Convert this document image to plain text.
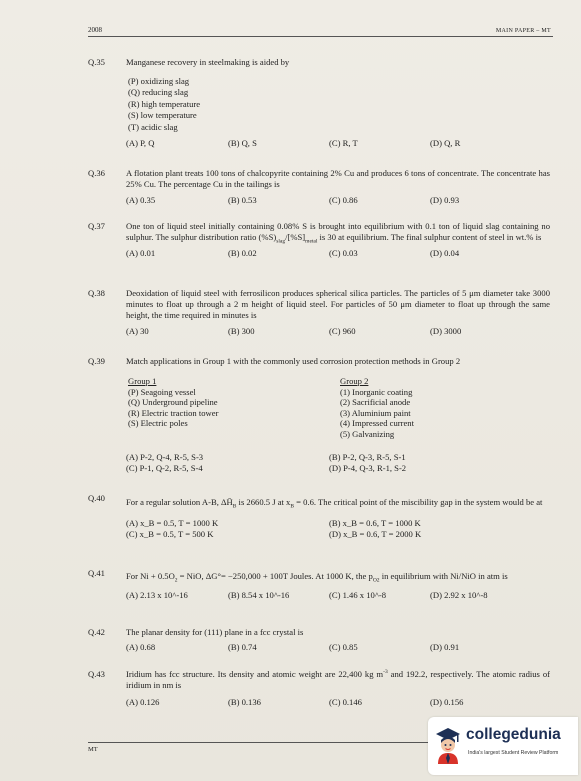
2008	MAIN PAPER – MT
Q.35 Manganese recovery in steelmaking is aided by
(P) oxidizing slag
(Q) reducing slag
(R) high temperature
(S) low temperature
(T) acidic slag
(A) P, Q	(B) Q, S	(C) R, T	(D) Q, R
Q.36 A flotation plant treats 100 tons of chalcopyrite containing 2% Cu and produces 6 tons of concentrate. The concentrate has 25% Cu. The percentage Cu in the tailings is
(A) 0.35	(B) 0.53	(C) 0.86	(D) 0.93
Q.37 One ton of liquid steel initially containing 0.08% S is brought into equilibrium with 0.1 ton of liquid slag containing no sulphur. The sulphur distribution ratio $(\%S)_{slag}/[\%S]_{metal}$ is 30 at equilibrium. The final sulphur content of steel in wt.% is
(A) 0.01	(B) 0.02	(C) 0.03	(D) 0.04
Q.38 Deoxidation of liquid steel with ferrosilicon produces spherical silica particles. The particles of 5 μm diameter take 3000 minutes to float up through a 2 m height of liquid steel. For particles of 50 μm diameter to float up through the same height, the time required in minutes is
(A) 30	(B) 300	(C) 960	(D) 3000
Q.39 Match applications in Group 1 with the commonly used corrosion protection methods in Group 2
Group 1
(P) Seagoing vessel
(Q) Underground pipeline
(R) Electric traction tower
(S) Electric poles
Group 2
(1) Inorganic coating
(2) Sacrificial anode
(3) Aluminium paint
(4) Impressed current
(5) Galvanizing
(A) P-2, Q-4, R-5, S-3
(C) P-1, Q-2, R-5, S-4
(B) P-2, Q-3, R-5, S-1
(D) P-4, Q-3, R-1, S-2
Q.40 For a regular solution A-B, $\Delta H̄_B$ is 2660.5 J at $x_B = 0.6$. The critical point of the miscibility gap in the system would be at
(A) x_B = 0.5, T = 1000 K
(C) x_B = 0.5, T = 500 K
(B) x_B = 0.6, T = 1000 K
(D) x_B = 0.6, T = 2000 K
Q.41 For $Ni + 0.5O_2$ = NiO, ΔG°= −250,000 + 100T Joules. At 1000 K, the $p_{O2}$ in equilibrium with Ni/NiO in atm is
(A) 2.13 x 10^-16	(B) 8.54 x 10^-16	(C) 1.46 x 10^-8	(D) 2.92 x 10^-8
Q.42 The planar density for (111) plane in a fcc crystal is
(A) 0.68	(B) 0.74	(C) 0.85	(D) 0.91
Q.43 Iridium has fcc structure. Its density and atomic weight are 22,400 kg $m^{-3}$ and 192.2, respectively. The atomic radius of iridium in nm is
(A) 0.126	(B) 0.136	(C) 0.146	(D) 0.156
MT
collegedunia
India's largest Student Review Platform
